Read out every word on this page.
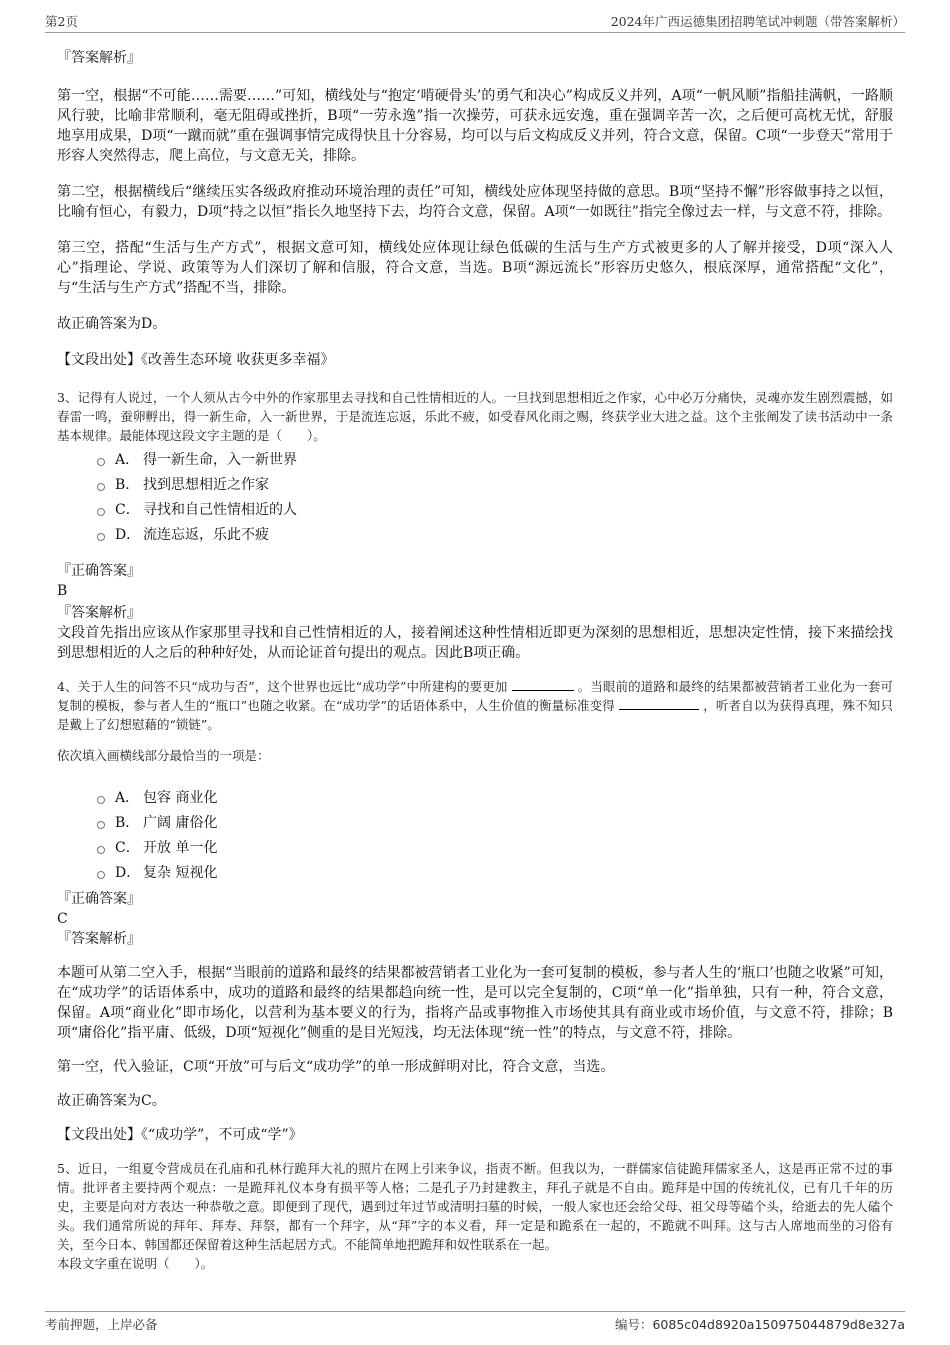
第2页	2024年广西运德集团招聘笔试冲刺题（带答案解析）

『答案解析』

第一空，根据“不可能……需要……”可知，横线处与“抱定‘啃硬骨头’的勇气和决心”构成反义并列，A项“一帆风顺”指船挂满帆，一路顺风行驶，比喻非常顺利，毫无阻碍或挫折，B项“一劳永逸”指一次操劳，可获永远安逸，重在强调辛苦一次，之后便可高枕无忧，舒服地享用成果，D项“一蹴而就”重在强调事情完成得快且十分容易，均可以与后文构成反义并列，符合文意，保留。C项“一步登天”常用于形容人突然得志，爬上高位，与文意无关，排除。

第二空，根据横线后“继续压实各级政府推动环境治理的责任”可知，横线处应体现坚持做的意思。B项“坚持不懈”形容做事持之以恒，比喻有恒心，有毅力，D项“持之以恒”指长久地坚持下去，均符合文意，保留。A项“一如既往”指完全像过去一样，与文意不符，排除。

第三空，搭配“生活与生产方式”，根据文意可知，横线处应体现让绿色低碳的生活与生产方式被更多的人了解并接受，D项“深入人心”指理论、学说、政策等为人们深切了解和信服，符合文意，当选。B项“源远流长”形容历史悠久，根底深厚，通常搭配“文化”，与“生活与生产方式”搭配不当，排除。

故正确答案为D。

【文段出处】《改善生态环境 收获更多幸福》

3、记得有人说过，一个人须从古今中外的作家那里去寻找和自己性情相近的人。一旦找到思想相近之作家，心中必万分痛快，灵魂亦发生剧烈震撼，如春雷一鸣，蚕卵孵出，得一新生命，入一新世界，于是流连忘返，乐此不疲，如受春风化雨之赐，终获学业大进之益。这个主张阐发了读书活动中一条基本规律。最能体现这段文字主题的是（　　）。

A． 得一新生命，入一新世界
B． 找到思想相近之作家
C． 寻找和自己性情相近的人
D． 流连忘返，乐此不疲

『正确答案』

B

『答案解析』

文段首先指出应该从作家那里寻找和自己性情相近的人，接着阐述这种性情相近即更为深刻的思想相近，思想决定性情，接下来描绘找到思想相近的人之后的种种好处，从而论证首句提出的观点。因此B项正确。

4、关于人生的问答不只“成功与否”，这个世界也远比“成功学”中所建构的要更加	。当眼前的道路和最终的结果都被营销者工业化为一套可复制的模板，参与者人生的“瓶口”也随之收紧。在“成功学”的话语体系中，人生价值的衡量标准变得	，听者自以为获得真理，殊不知只是戴上了幻想慰藉的“锁链”。

依次填入画横线部分最恰当的一项是：

A． 包容 商业化
B． 广阔 庸俗化
C． 开放 单一化
D． 复杂 短视化

『正确答案』

C

『答案解析』

本题可从第二空入手，根据“当眼前的道路和最终的结果都被营销者工业化为一套可复制的模板，参与者人生的‘瓶口’也随之收紧”可知，在“成功学”的话语体系中，成功的道路和最终的结果都趋向统一性，是可以完全复制的，C项“单一化”指单独，只有一种，符合文意，保留。A项“商业化”即市场化，以营利为基本要义的行为，指将产品或事物推入市场使其具有商业或市场价值，与文意不符，排除；B项“庸俗化”指平庸、低级，D项“短视化”侧重的是目光短浅，均无法体现“统一性”的特点，与文意不符，排除。

第一空，代入验证，C项“开放”可与后文“成功学”的单一形成鲜明对比，符合文意，当选。

故正确答案为C。

【文段出处】《“成功学”，不可成“学”》

5、近日，一组夏令营成员在孔庙和孔林行跪拜大礼的照片在网上引来争议，指责不断。但我以为，一群儒家信徒跪拜儒家圣人，这是再正常不过的事情。批评者主要持两个观点：一是跪拜礼仪本身有损平等人格；二是孔子乃封建教主，拜孔子就是不自由。跪拜是中国的传统礼仪，已有几千年的历史，主要是向对方表达一种恭敬之意。即便到了现代，遇到过年过节或清明扫墓的时候，一般人家也还会给父母、祖父母等磕个头，给逝去的先人磕个头。我们通常所说的拜年、拜寿、拜祭，都有一个拜字，从“拜”字的本义看，拜一定是和跪系在一起的，不跪就不叫拜。这与古人席地而坐的习俗有关，至今日本、韩国都还保留着这种生活起居方式。不能简单地把跪拜和奴性联系在一起。

本段文字重在说明（　　）。

考前押题，上岸必备	编号：6085c04d8920a150975044879d8e327a
